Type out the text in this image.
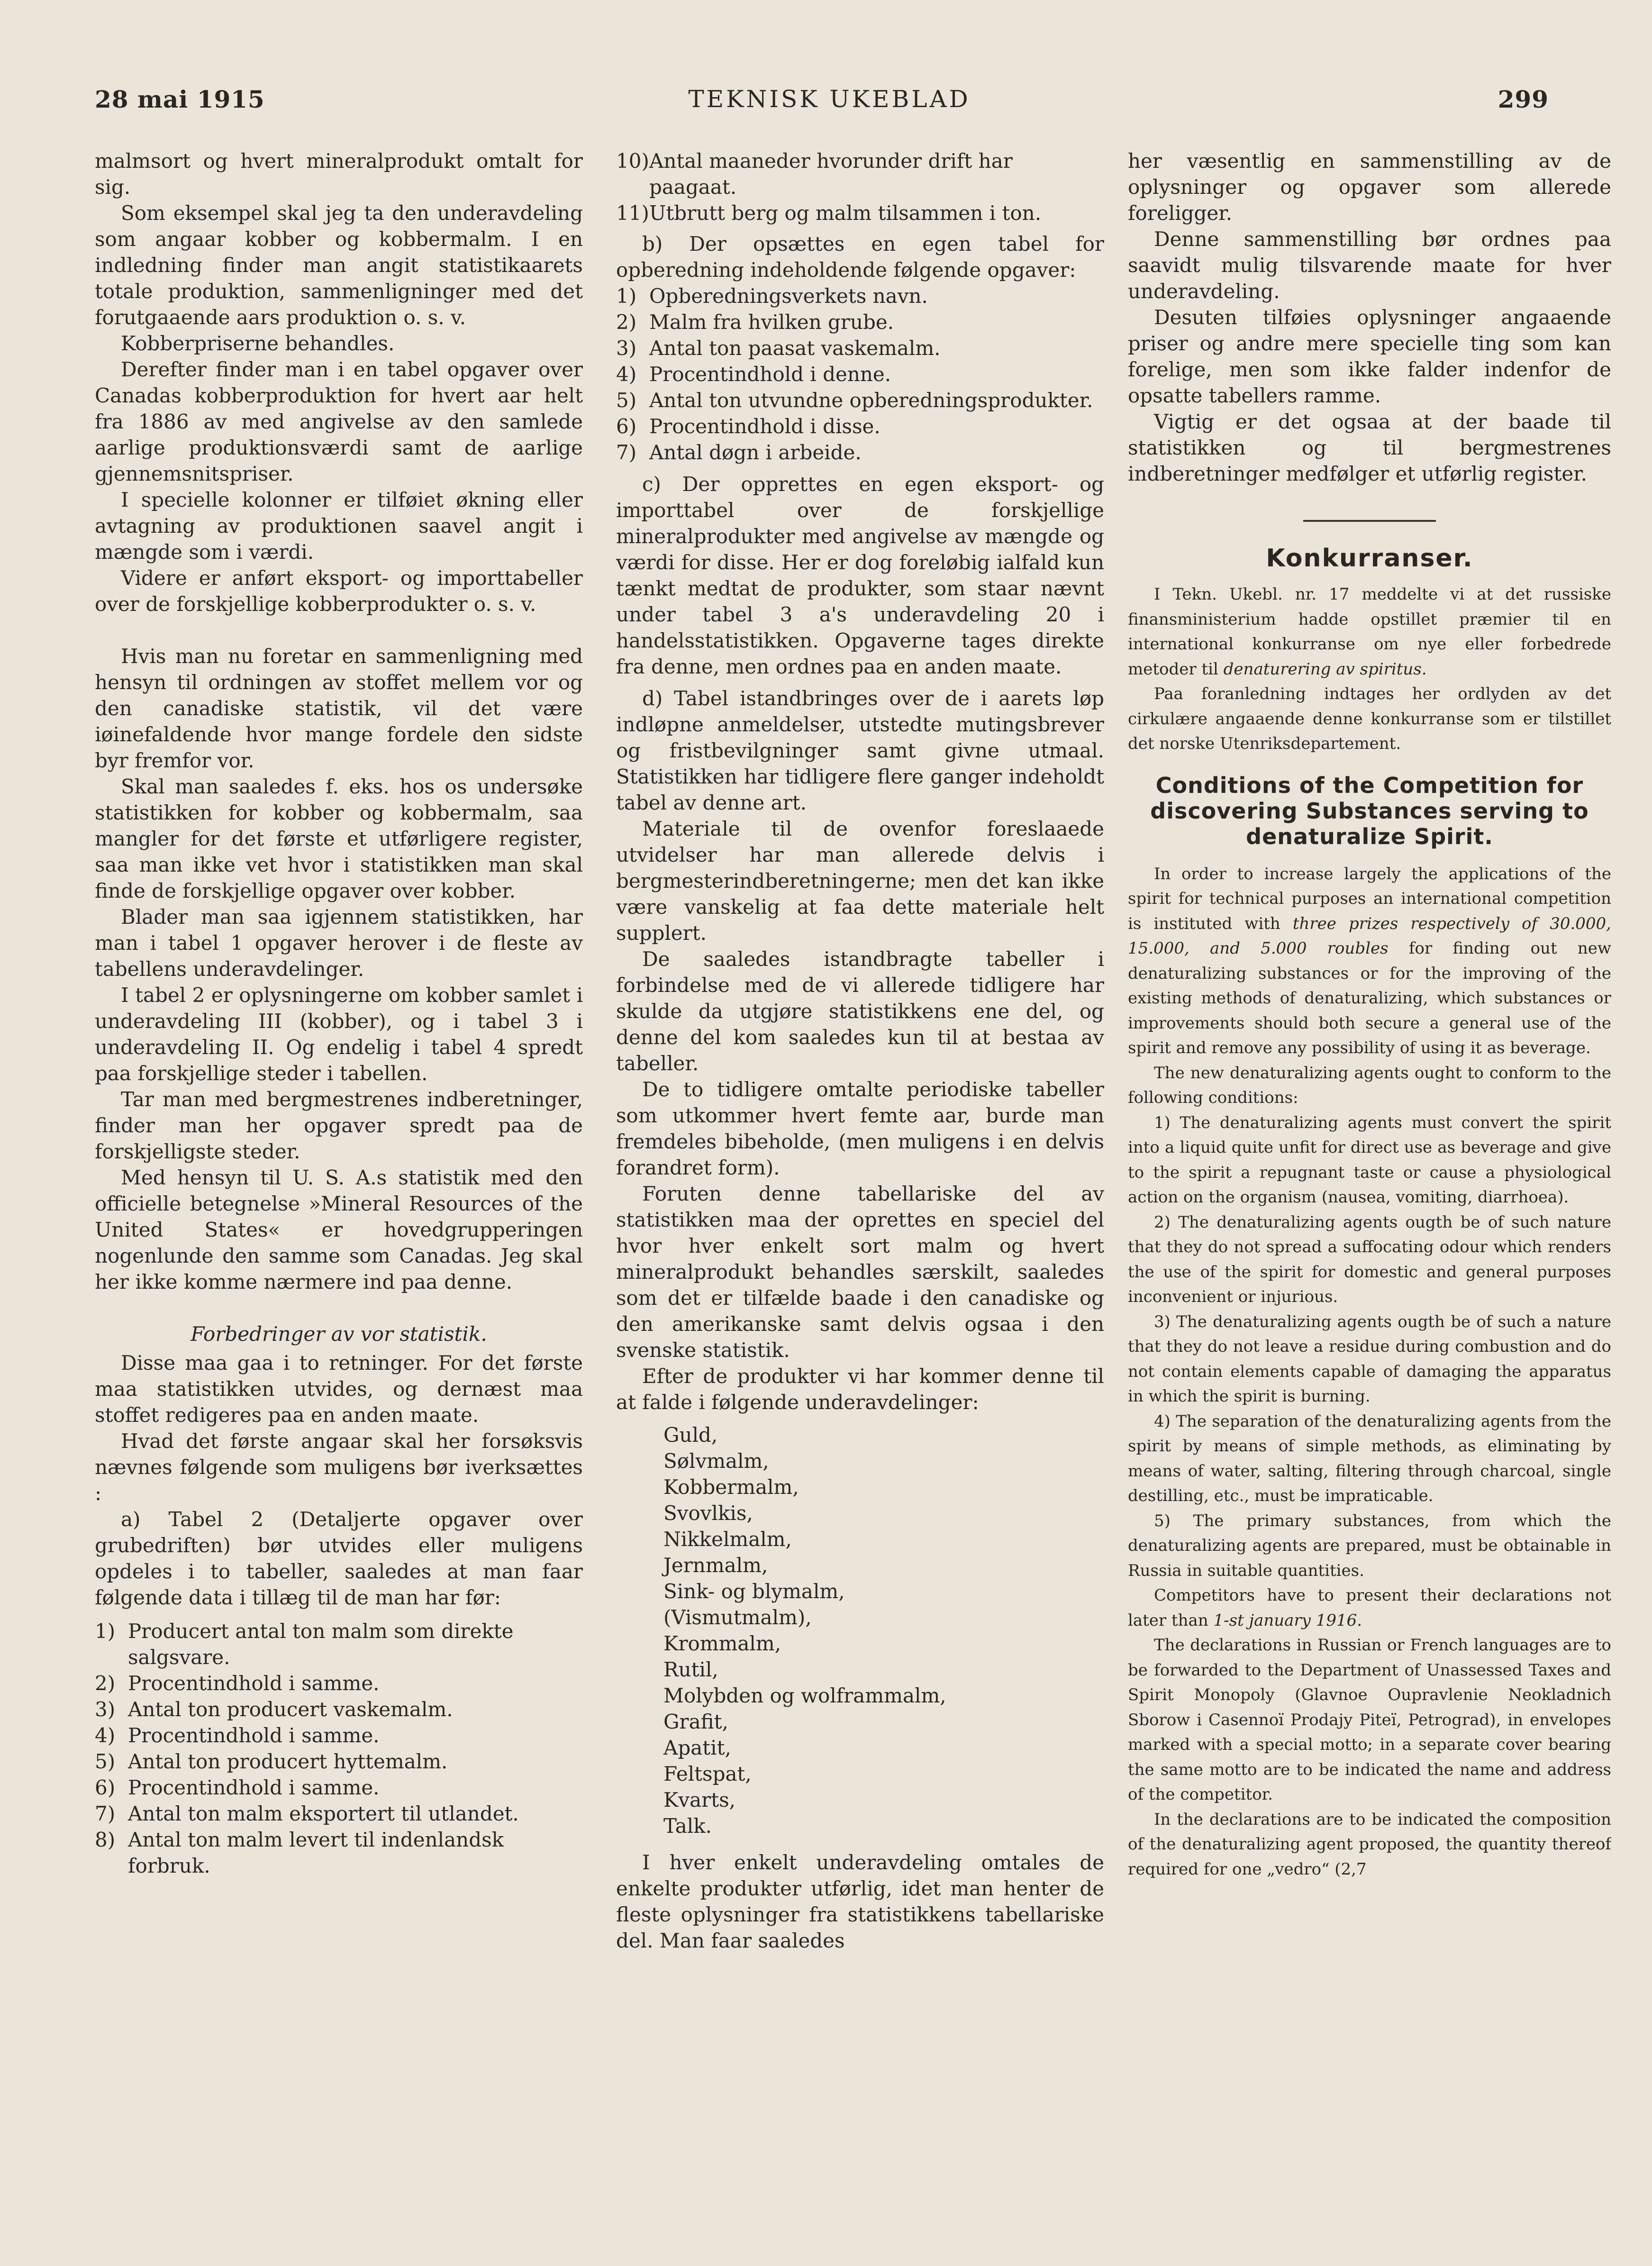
28 mai 1915	TEKNISK UKEBLAD	299

malmsort og hvert mineralprodukt omtalt for sig.

Som eksempel skal jeg ta den underavdeling som angaar kobber og kobbermalm. I en indledning finder man angit statistikaarets totale produktion, sammenligninger med det forutgaaende aars produktion o. s. v.

Kobberpriserne behandles.

Derefter finder man i en tabel opgaver over Canadas kobberproduktion for hvert aar helt fra 1886 av med angivelse av den samlede aarlige produktionsværdi samt de aarlige gjennemsnitspriser.

I specielle kolonner er tilføiet økning eller avtagning av produktionen saavel angit i mængde som i værdi.

Videre er anført eksport- og importtabeller over de forskjellige kobberprodukter o. s. v.

Hvis man nu foretar en sammenligning med hensyn til ordningen av stoffet mellem vor og den canadiske statistik, vil det være iøinefaldende hvor mange fordele den sidste byr fremfor vor.

Skal man saaledes f. eks. hos os undersøke statistikken for kobber og kobbermalm, saa mangler for det første et utførligere register, saa man ikke vet hvor i statistikken man skal finde de forskjellige opgaver over kobber.

Blader man saa igjennem statistikken, har man i tabel 1 opgaver herover i de fleste av tabellens underavdelinger.

I tabel 2 er oplysningerne om kobber samlet i underavdeling III (kobber), og i tabel 3 i underavdeling II. Og endelig i tabel 4 spredt paa forskjellige steder i tabellen.

Tar man med bergmestrenes indberetninger, finder man her opgaver spredt paa de forskjelligste steder.

Med hensyn til U. S. A.s statistik med den officielle betegnelse »Mineral Resources of the United States« er hovedgrupperingen nogenlunde den samme som Canadas. Jeg skal her ikke komme nærmere ind paa denne.

Forbedringer av vor statistik.

Disse maa gaa i to retninger. For det første maa statistikken utvides, og dernæst maa stoffet redigeres paa en anden maate.

Hvad det første angaar skal her forsøksvis nævnes følgende som muligens bør iverksættes :

a) Tabel 2 (Detaljerte opgaver over grubedriften) bør utvides eller muligens opdeles i to tabeller, saaledes at man faar følgende data i tillæg til de man har før:

1) Producert antal ton malm som direkte salgsvare.
2) Procentindhold i samme.
3) Antal ton producert vaskemalm.
4) Procentindhold i samme.
5) Antal ton producert hyttemalm.
6) Procentindhold i samme.
7) Antal ton malm eksportert til utlandet.
8) Antal ton malm levert til indenlandsk forbruk.
10) Antal maaneder hvorunder drift har paagaat.
11) Utbrutt berg og malm tilsammen i ton.

b) Der opsættes en egen tabel for opberedning indeholdende følgende opgaver:

1) Opberedningsverkets navn.
2) Malm fra hvilken grube.
3) Antal ton paasat vaskemalm.
4) Procentindhold i denne.
5) Antal ton utvundne opberedningsprodukter.
6) Procentindhold i disse.
7) Antal døgn i arbeide.

c) Der opprettes en egen eksport- og importtabel over de forskjellige mineralprodukter med angivelse av mængde og værdi for disse. Her er dog foreløbig ialfald kun tænkt medtat de produkter, som staar nævnt under tabel 3 a's underavdeling 20 i handelsstatistikken. Opgaverne tages direkte fra denne, men ordnes paa en anden maate.

d) Tabel istandbringes over de i aarets løp indløpne anmeldelser, utstedte mutingsbrever og fristbevilgninger samt givne utmaal. Statistikken har tidligere flere ganger indeholdt tabel av denne art.

Materiale til de ovenfor foreslaaede utvidelser har man allerede delvis i bergmesterindberetningerne; men det kan ikke være vanskelig at faa dette materiale helt supplert.

De saaledes istandbragte tabeller i forbindelse med de vi allerede tidligere har skulde da utgjøre statistikkens ene del, og denne del kom saaledes kun til at bestaa av tabeller.

De to tidligere omtalte periodiske tabeller som utkommer hvert femte aar, burde man fremdeles bibeholde, (men muligens i en delvis forandret form).

Foruten denne tabellariske del av statistikken maa der oprettes en speciel del hvor hver enkelt sort malm og hvert mineralprodukt behandles særskilt, saaledes som det er tilfælde baade i den canadiske og den amerikanske samt delvis ogsaa i den svenske statistik.

Efter de produkter vi har kommer denne til at falde i følgende underavdelinger:

Guld,
Sølvmalm,
Kobbermalm,
Svovlkis,
Nikkelmalm,
Jernmalm,
Sink- og blymalm,
(Vismutmalm),
Krommalm,
Rutil,
Molybden og wolframmalm,
Grafit,
Apatit,
Feltspat,
Kvarts,
Talk.

I hver enkelt underavdeling omtales de enkelte produkter utførlig, idet man henter de fleste oplysninger fra statistikkens tabellariske del. Man faar saaledes

her væsentlig en sammenstilling av de oplysninger og opgaver som allerede foreligger.

Denne sammenstilling bør ordnes paa saavidt mulig tilsvarende maate for hver underavdeling.

Desuten tilføies oplysninger angaaende priser og andre mere specielle ting som kan forelige, men som ikke falder indenfor de opsatte tabellers ramme.

Vigtig er det ogsaa at der baade til statistikken og til bergmestrenes indberetninger medfølger et utførlig register.

Konkurranser.

I Tekn. Ukebl. nr. 17 meddelte vi at det russiske finansministerium hadde opstillet præmier til en international konkurranse om nye eller forbedrede metoder til denaturering av spiritus.

Paa foranledning indtages her ordlyden av det cirkulære angaaende denne konkurranse som er tilstillet det norske Utenriksdepartement.

Conditions of the Competition for discovering Substances serving to denaturalize Spirit.

In order to increase largely the applications of the spirit for technical purposes an international competition is instituted with three prizes respectively of 30.000, 15.000, and 5.000 roubles for finding out new denaturalizing substances or for the improving of the existing methods of denaturalizing, which substances or improvements should both secure a general use of the spirit and remove any possibility of using it as beverage.

The new denaturalizing agents ought to conform to the following conditions:

1) The denaturalizing agents must convert the spirit into a liquid quite unfit for direct use as beverage and give to the spirit a repugnant taste or cause a physiological action on the organism (nausea, vomiting, diarrhoea).

2) The denaturalizing agents ougth be of such nature that they do not spread a suffocating odour which renders the use of the spirit for domestic and general purposes inconvenient or injurious.

3) The denaturalizing agents ougth be of such a nature that they do not leave a residue during combustion and do not contain elements capable of damaging the apparatus in which the spirit is burning.

4) The separation of the denaturalizing agents from the spirit by means of simple methods, as eliminating by means of water, salting, filtering through charcoal, single destilling, etc., must be impraticable.

5) The primary substances, from which the denaturalizing agents are prepared, must be obtainable in Russia in suitable quantities.

Competitors have to present their declarations not later than 1-st january 1916.

The declarations in Russian or French languages are to be forwarded to the Department of Unassessed Taxes and Spirit Monopoly (Glavnoe Oupravlenie Neokladnich Sborow i Casennoï Prodajy Piteï, Petrograd), in envelopes marked with a special motto; in a separate cover bearing the same motto are to be indicated the name and address of the competitor.

In the declarations are to be indicated the composition of the denaturalizing agent proposed, the quantity thereof required for one „vedro“ (2,7
